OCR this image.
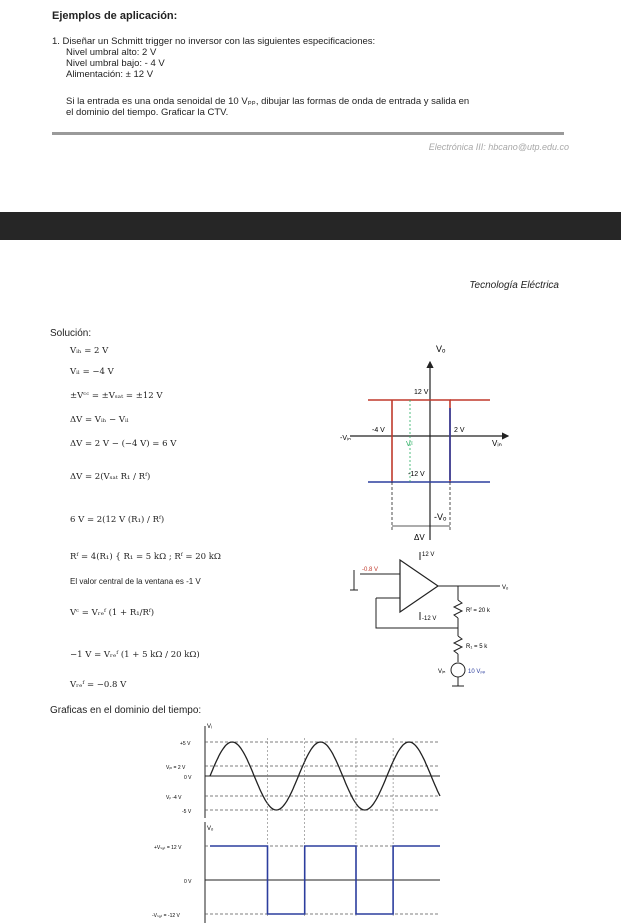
Ejemplos de aplicación:
1. Diseñar un Schmitt trigger no inversor con las siguientes especificaciones:
Nivel umbral alto: 2 V
Nivel umbral bajo: - 4 V
Alimentación: ± 12 V
Si la entrada es una onda senoidal de 10 Vₚₚ, dibujar las formas de onda de entrada y salida en
el dominio del tiempo. Graficar la CTV.
Electrónica III: hbcano@utp.edu.co
Tecnología Eléctrica
Solución:
Vᵢₕ = 2 V
Vᵢₗ = −4 V
±Vᶜᶜ = ±Vₛₐₜ = ±12 V
ΔV = Vᵢₕ − Vᵢₗ
ΔV = 2 V − (−4 V) = 6 V
ΔV = 2(Vₛₐₜ R₁ / Rᶠ)
6 V = 2(12 V (R₁) / Rᶠ)
Rᶠ = 4(R₁) { R₁ = 5 kΩ ; Rᶠ = 20 kΩ
El valor central de la ventana es -1 V
Vᶜ = Vᵣₑᶠ (1 + R₁/Rᶠ)
−1 V = Vᵣₑᶠ (1 + 5 kΩ / 20 kΩ)
Vᵣₑᶠ = −0.8 V
Graficas en el dominio del tiempo:
Vₒ
-Vₒ
Vᵢₙ
-Vᵢₙ
Vᶜ
12 V
-12 V
2 V
-4 V
ΔV
12 V
-12 V
-0.8 V
Vₒ
Rᶠ = 20 k
R₁ = 5 k
Vᵢₙ	10 Vₚₚ
Vᵢ
+5 V
Vᵢₕ = 2 V
0 V
Vᵢₗ -4 V
-5 V
Vₒ
+Vₛₐₜ = 12 V
0 V
-Vₛₐₜ = -12 V
